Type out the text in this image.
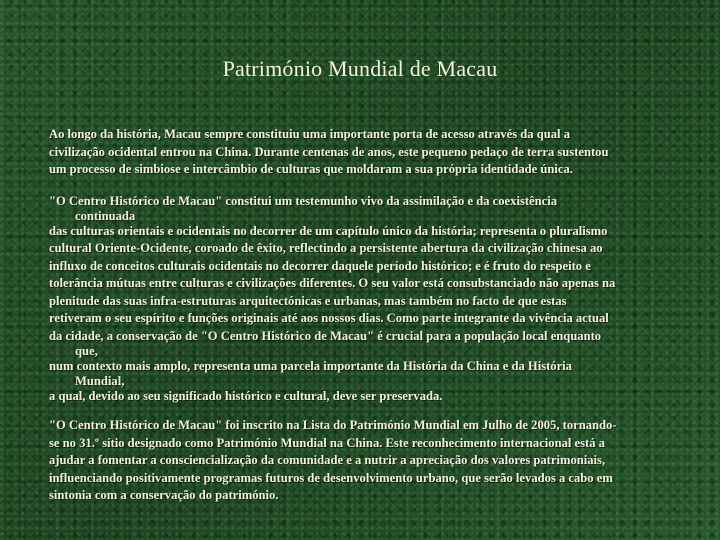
Património Mundial de Macau
Ao longo da história, Macau sempre constituiu uma importante porta de acesso através da qual a
civilização ocidental entrou na China. Durante centenas de anos, este pequeno pedaço de terra sustentou
um processo de simbiose e intercâmbio de culturas que moldaram a sua própria identidade única.
"O Centro Histórico de Macau" constitui um testemunho vivo da assimilação e da coexistência
continuada
das culturas orientais e ocidentais no decorrer de um capítulo único da história; representa o pluralismo
cultural Oriente-Ocidente, coroado de êxito, reflectindo a persistente abertura da civilização chinesa ao
influxo de conceitos culturais ocidentais no decorrer daquele período histórico; e é fruto do respeito e
tolerância mútuas entre culturas e civilizações diferentes. O seu valor está consubstanciado não apenas na
plenitude das suas infra-estruturas arquitectónicas e urbanas, mas também no facto de que estas
retiveram o seu espírito e funções originais até aos nossos dias. Como parte integrante da vivência actual
da cidade, a conservação de "O Centro Histórico de Macau" é crucial para a população local enquanto
que,
num contexto mais amplo, representa uma parcela importante da História da China e da História
Mundial,
a qual, devido ao seu significado histórico e cultural, deve ser preservada.
"O Centro Histórico de Macau" foi inscrito na Lista do Património Mundial em Julho de 2005, tornando-
se no 31.º sítio designado como Património Mundial na China. Este reconhecimento internacional está a
ajudar a fomentar a consciencialização da comunidade e a nutrir a apreciação dos valores patrimoniais,
influenciando positivamente programas futuros de desenvolvimento urbano, que serão levados a cabo em
sintonia com a conservação do património.
